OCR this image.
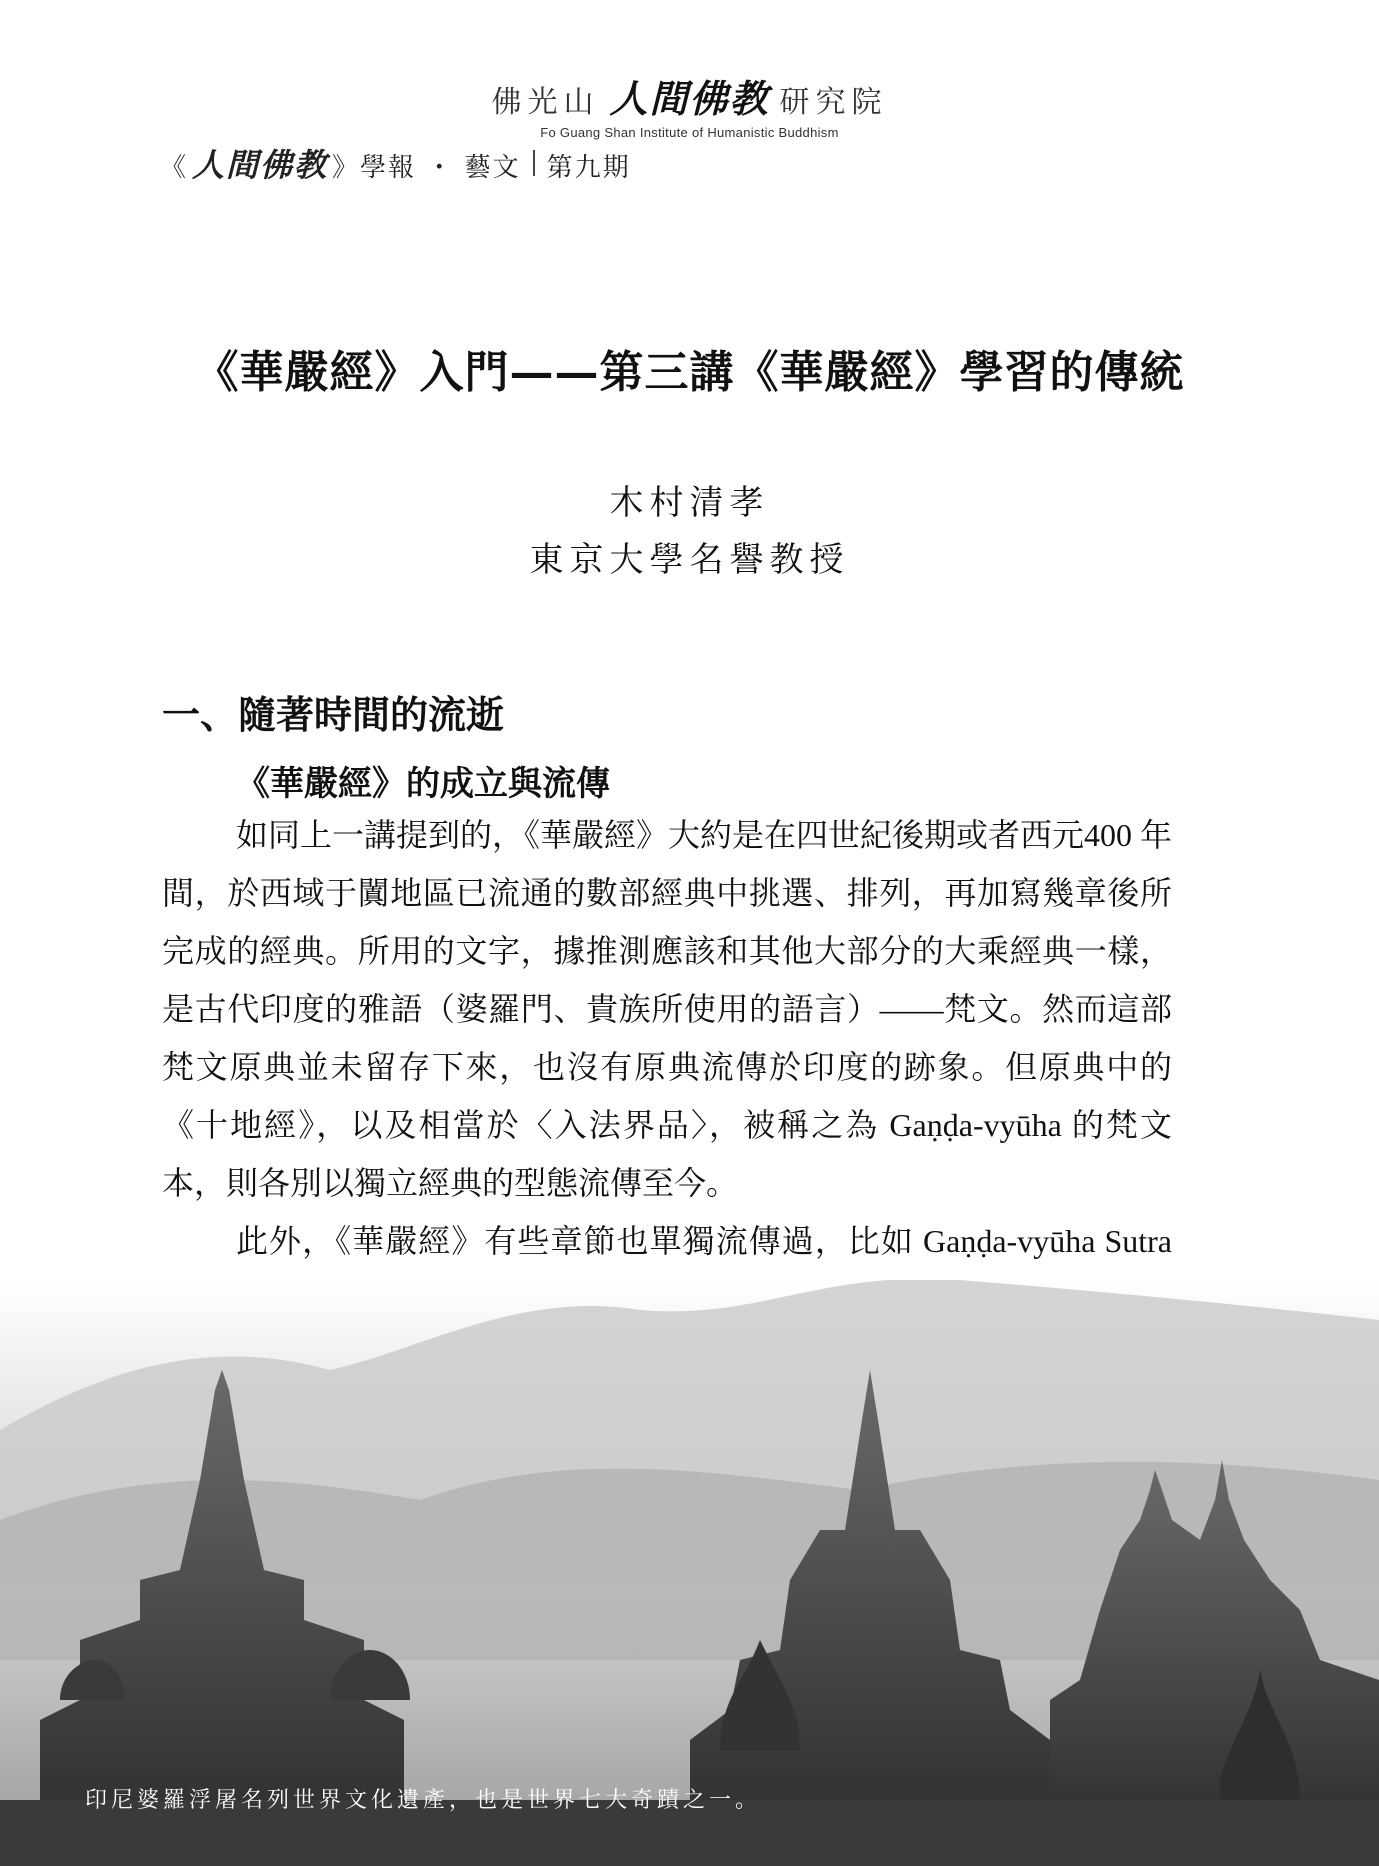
佛光山 人間佛教 研究院
Fo Guang Shan Institute of Humanistic Buddhism
《 人間佛教 》學報 ・ 藝文 第九期
《華嚴經》入門——第三講《華嚴經》學習的傳統
木村清孝
東京大學名譽教授
一、隨著時間的流逝
《華嚴經》的成立與流傳

如同上一講提到的，《華嚴經》大約是在四世紀後期或者西元400 年間，於西域于闐地區已流通的數部經典中挑選、排列，再加寫幾章後所完成的經典。所用的文字，據推測應該和其他大部分的大乘經典一樣，是古代印度的雅語（婆羅門、貴族所使用的語言）——梵文。然而這部梵文原典並未留存下來，也沒有原典流傳於印度的跡象。但原典中的《十地經》，以及相當於〈入法界品〉，被稱之為 Gaṇḍa-vyūha 的梵文本，則各別以獨立經典的型態流傳至今。

此外，《華嚴經》有些章節也單獨流傳過，比如 Gaṇḍa-vyūha Sutra

印尼婆羅浮屠名列世界文化遺產，也是世界七大奇蹟之一。
